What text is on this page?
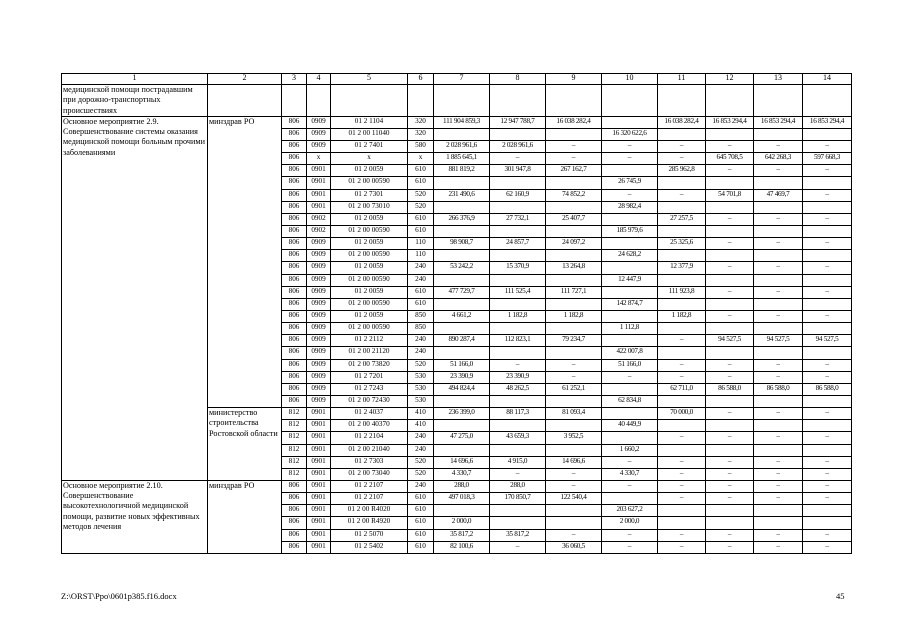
1	2	3	4	5	6	7	8	9	10	11	12	13	14
медицинской помощи пострадавшим при дорожно-транспортных происшествиях													
Основное мероприятие 2.9. Совершенствование системы оказания медицинской помощи больным прочими заболеваниями	минздрав РО	806	0909	01 2 1104	320	111 904 859,3	12 947 788,7	16 038 282,4		16 038 282,4	16 853 294,4	16 853 294,4	16 853 294,4
		806	0909	01 2 00 11040	320				16 320 622,6				
		806	0909	01 2 7401	580	2 028 961,6	2 028 961,6	–	–	–	–	–	–
		806	х	х	х	1 885 645,1	–	–	–	–	645 708,5	642 268,3	597 668,3
		806	0901	01 2 0059	610	881 819,2	301 947,8	267 162,7		285 962,8	–	–	–
		806	0901	01 2 00 00590	610				26 745,9				
		806	0901	01 2 7301	520	231 490,6	62 160,9	74 852,2	–	–	54 701,8	47 469,7	–
		806	0901	01 2 00 73010	520				28 982,4				
		806	0902	01 2 0059	610	266 376,9	27 732,1	25 407,7		27 257,5	–	–	–
		806	0902	01 2 00 00590	610				185 979,6				
		806	0909	01 2 0059	110	98 908,7	24 857,7	24 097,2		25 325,6	–	–	–
		806	0909	01 2 00 00590	110				24 628,2				
		806	0909	01 2 0059	240	53 242,2	15 370,9	13 264,8		12 377,9	–	–	–
		806	0909	01 2 00 00590	240				12 447,9				
		806	0909	01 2 0059	610	477 729,7	111 525,4	111 727,1		111 923,8	–	–	–
		806	0909	01 2 00 00590	610				142 874,7				
		806	0909	01 2 0059	850	4 661,2	1 182,8	1 182,8		1 182,8	–	–	–
		806	0909	01 2 00 00590	850				1 112,8				
		806	0909	01 2 2112	240	890 287,4	112 823,1	79 234,7		–	94 527,5	94 527,5	94 527,5
		806	0909	01 2 00 21120	240				422 007,8				
		806	0909	01 2 00 73820	520	51 166,0	–	–	51 166,0	–	–	–	–
		806	0909	01 2 7201	530	23 390,9	23 390,9	–	–	–	–	–	–
		806	0909	01 2 7243	530	494 824,4	48 262,5	61 252,1		62 711,0	86 588,0	86 588,0	86 588,0
		806	0909	01 2 00 72430	530				62 834,8				
	министерство строительства Ростовской области	812	0901	01 2 4037	410	236 399,0	88 117,3	81 093,4		70 000,0	–	–	–
		812	0901	01 2 00 40370	410				40 449,9				
		812	0901	01 2 2104	240	47 275,0	43 659,3	3 952,5		–	–	–	–
		812	0901	01 2 00 21040	240				1 660,2				
		812	0901	01 2 7303	520	14 696,6	4 915,0	14 696,6	–	–	–	–	–
		812	0901	01 2 00 73040	520	4 330,7	–	–	4 330,7	–	–	–	–
Основное мероприятие 2.10. Совершенствование высокотехнологичной медицинской помощи, развитие новых эффективных методов лечения	минздрав РО	806	0901	01 2 2107	240	288,0	288,0	–	–	–	–	–	–
		806	0901	01 2 2107	610	497 018,3	170 850,7	122 540,4		–	–	–	–
		806	0901	01 2 00 R4020	610				203 627,2				
		806	0901	01 2 00 R4920	610	2 000,0			2 000,0				
		806	0901	01 2 5070	610	35 817,2	35 817,2	–	–	–	–	–	–
		806	0901	01 2 5402	610	82 100,6	–	36 060,5	–	–	–	–	–
Z:\ORST\Ppo\0601p385.f16.docx	45
